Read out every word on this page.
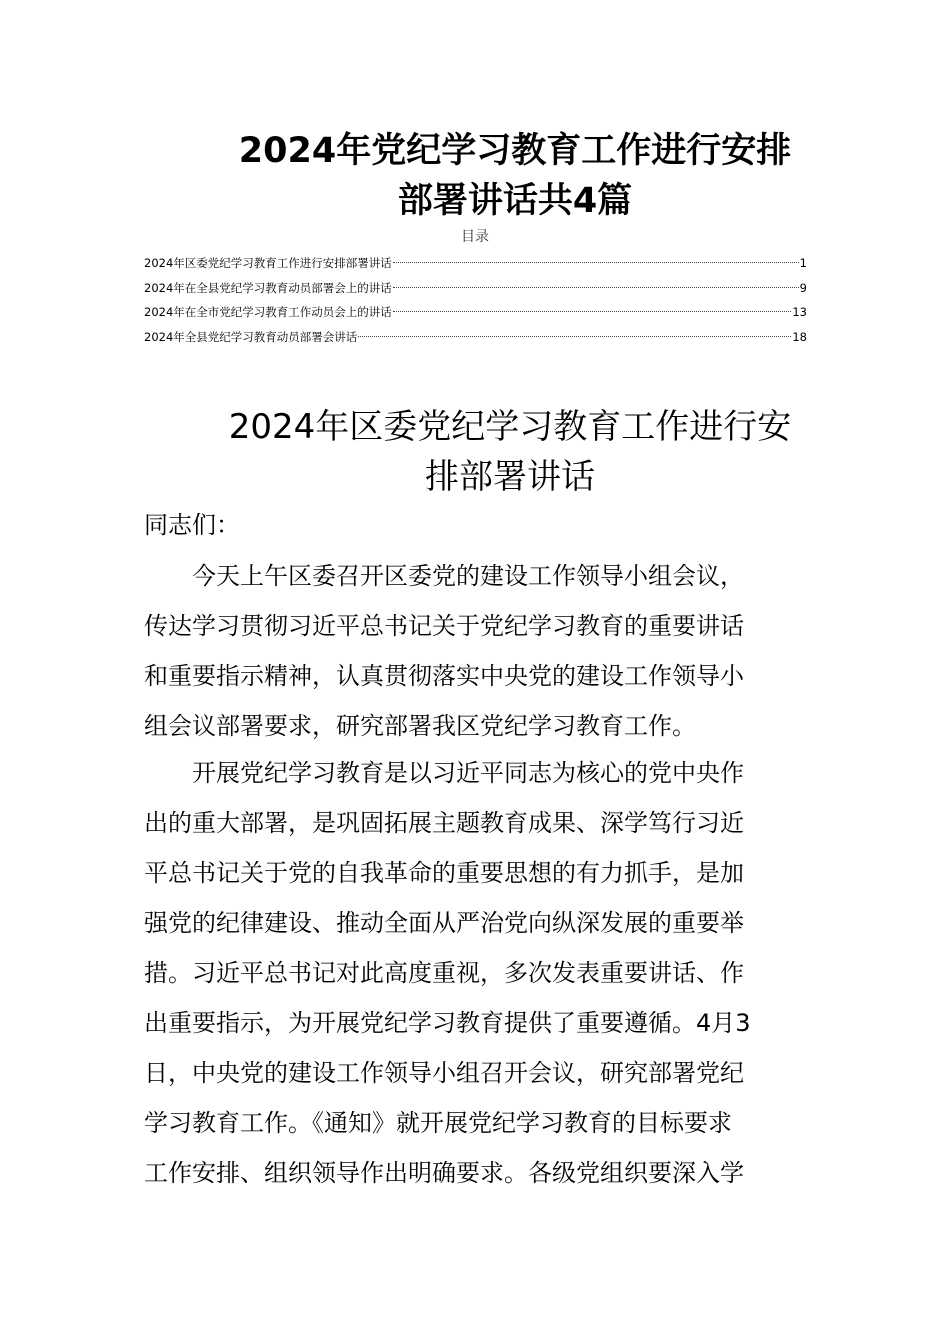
2024年党纪学习教育工作进行安排
部署讲话共4篇
目录
2024年区委党纪学习教育工作进行安排部署讲话	1
2024年在全县党纪学习教育动员部署会上的讲话	9
2024年在全市党纪学习教育工作动员会上的讲话	13
2024年全县党纪学习教育动员部署会讲话	18
2024年区委党纪学习教育工作进行安
排部署讲话

同志们：

今天上午区委召开区委党的建设工作领导小组会议，
传达学习贯彻习近平总书记关于党纪学习教育的重要讲话
和重要指示精神，认真贯彻落实中央党的建设工作领导小
组会议部署要求，研究部署我区党纪学习教育工作。

开展党纪学习教育是以习近平同志为核心的党中央作
出的重大部署，是巩固拓展主题教育成果、深学笃行习近
平总书记关于党的自我革命的重要思想的有力抓手，是加
强党的纪律建设、推动全面从严治党向纵深发展的重要举
措。习近平总书记对此高度重视，多次发表重要讲话、作
出重要指示，为开展党纪学习教育提供了重要遵循。4月3
日，中央党的建设工作领导小组召开会议，研究部署党纪
学习教育工作。《通知》就开展党纪学习教育的目标要求
工作安排、组织领导作出明确要求。各级党组织要深入学
